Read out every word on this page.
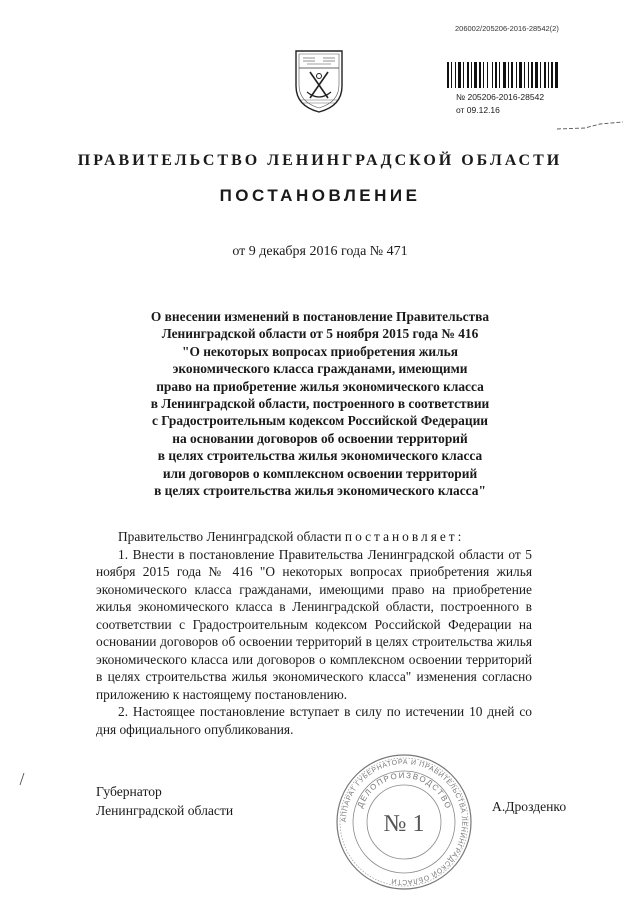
206002/205206-2016-28542(2)
№ 205206-2016-28542
от 09.12.16
ПРАВИТЕЛЬСТВО ЛЕНИНГРАДСКОЙ ОБЛАСТИ
ПОСТАНОВЛЕНИЕ
от 9 декабря 2016 года № 471
О внесении изменений в постановление Правительства
Ленинградской области от 5 ноября 2015 года № 416
"О некоторых вопросах приобретения жилья
экономического класса гражданами, имеющими
право на приобретение жилья экономического класса
в Ленинградской области, построенного в соответствии
с Градостроительным кодексом Российской Федерации
на основании договоров об освоении территорий
в целях строительства жилья экономического класса
или договоров о комплексном освоении территорий
в целях строительства жилья экономического класса"

Правительство Ленинградской области постановляет:

1. Внести в постановление Правительства Ленинградской области от 5 ноября 2015 года № 416 "О некоторых вопросах приобретения жилья экономического класса гражданами, имеющими право на приобретение жилья экономического класса в Ленинградской области, построенного в соответствии с Градостроительным кодексом Российской Федерации на основании договоров об освоении территорий в целях строительства жилья экономического класса или договоров о комплексном освоении территорий в целях строительства жилья экономического класса" изменения согласно приложению к настоящему постановлению.

2. Настоящее постановление вступает в силу по истечении 10 дней со дня официального опубликования.

Губернатор
Ленинградской области
АППАРАТ ГУБЕРНАТОРА И ПРАВИТЕЛЬСТВА ЛЕНИНГРАДСКОЙ ОБЛАСТИ
ДЕЛОПРОИЗВОДСТВО
№ 1
А.Дрозденко
